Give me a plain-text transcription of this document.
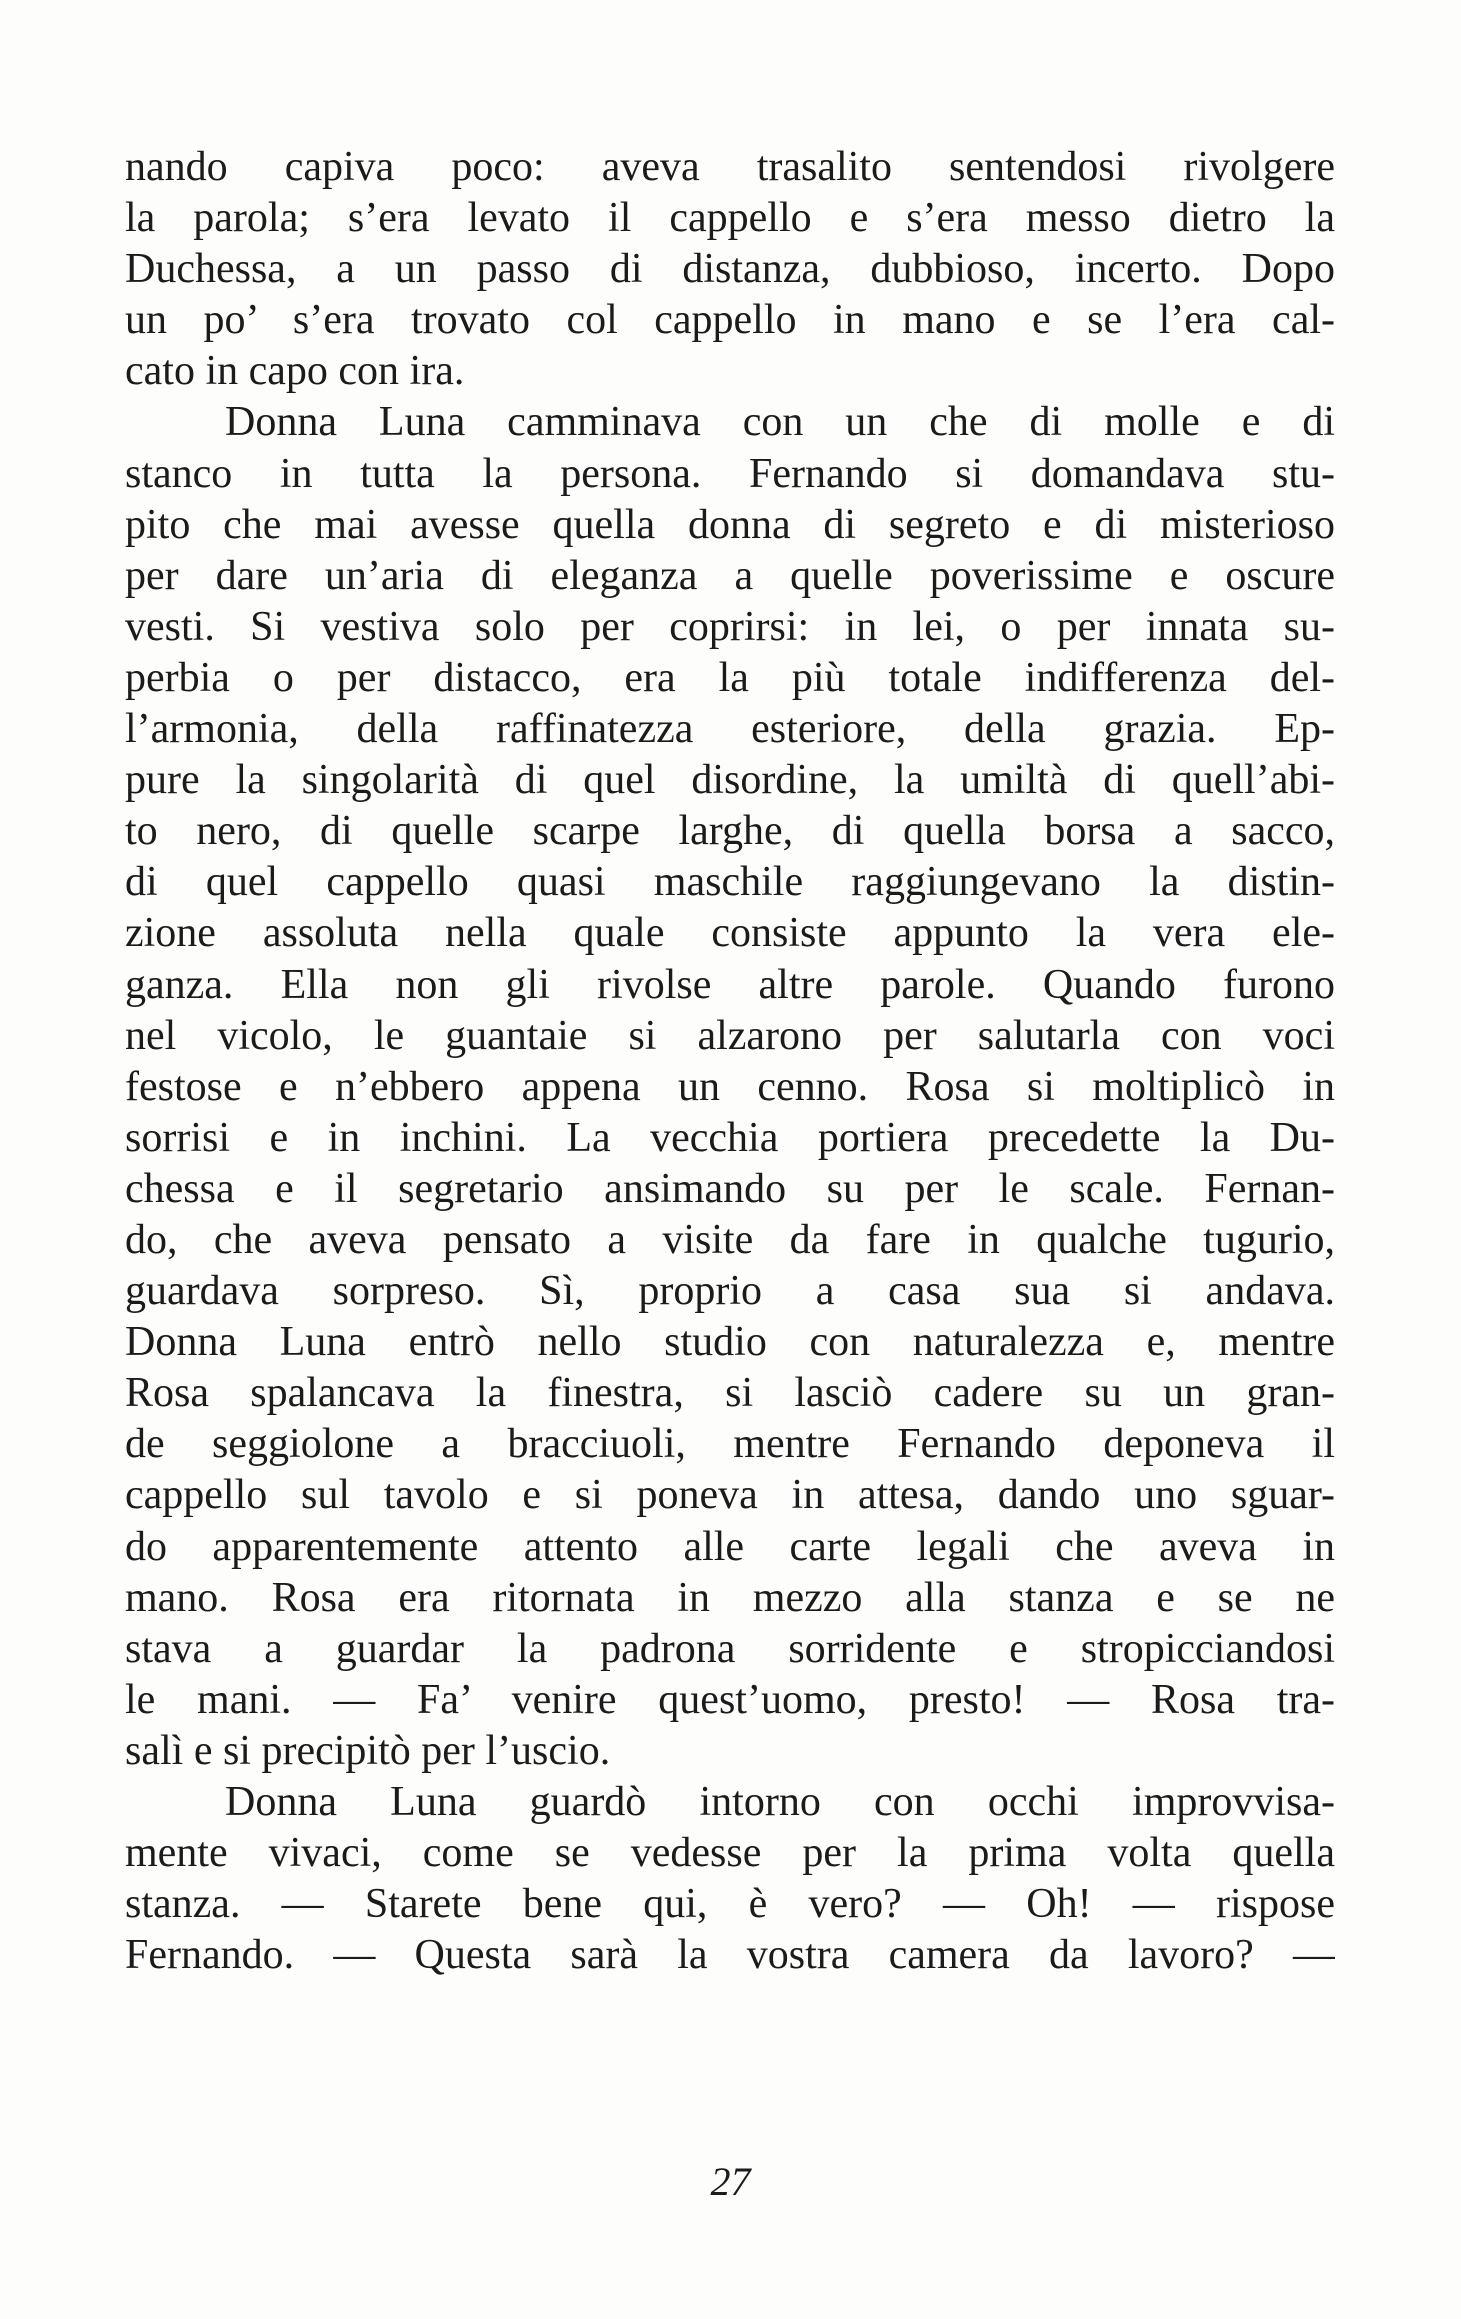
nando capiva poco: aveva trasalito sentendosi rivolgere
la parola; s’era levato il cappello e s’era messo dietro la
Duchessa, a un passo di distanza, dubbioso, incerto. Dopo
un po’ s’era trovato col cappello in mano e se l’era cal-
cato in capo con ira.
Donna Luna camminava con un che di molle e di
stanco in tutta la persona. Fernando si domandava stu-
pito che mai avesse quella donna di segreto e di misterioso
per dare un’aria di eleganza a quelle poverissime e oscure
vesti. Si vestiva solo per coprirsi: in lei, o per innata su-
perbia o per distacco, era la più totale indifferenza del-
l’armonia, della raffinatezza esteriore, della grazia. Ep-
pure la singolarità di quel disordine, la umiltà di quell’abi-
to nero, di quelle scarpe larghe, di quella borsa a sacco,
di quel cappello quasi maschile raggiungevano la distin-
zione assoluta nella quale consiste appunto la vera ele-
ganza. Ella non gli rivolse altre parole. Quando furono
nel vicolo, le guantaie si alzarono per salutarla con voci
festose e n’ebbero appena un cenno. Rosa si moltiplicò in
sorrisi e in inchini. La vecchia portiera precedette la Du-
chessa e il segretario ansimando su per le scale. Fernan-
do, che aveva pensato a visite da fare in qualche tugurio,
guardava sorpreso. Sì, proprio a casa sua si andava.
Donna Luna entrò nello studio con naturalezza e, mentre
Rosa spalancava la finestra, si lasciò cadere su un gran-
de seggiolone a bracciuoli, mentre Fernando deponeva il
cappello sul tavolo e si poneva in attesa, dando uno sguar-
do apparentemente attento alle carte legali che aveva in
mano. Rosa era ritornata in mezzo alla stanza e se ne
stava a guardar la padrona sorridente e stropicciandosi
le mani. — Fa’ venire quest’uomo, presto! — Rosa tra-
salì e si precipitò per l’uscio.
Donna Luna guardò intorno con occhi improvvisa-
mente vivaci, come se vedesse per la prima volta quella
stanza. — Starete bene qui, è vero? — Oh! — rispose
Fernando. — Questa sarà la vostra camera da lavoro? —
27
